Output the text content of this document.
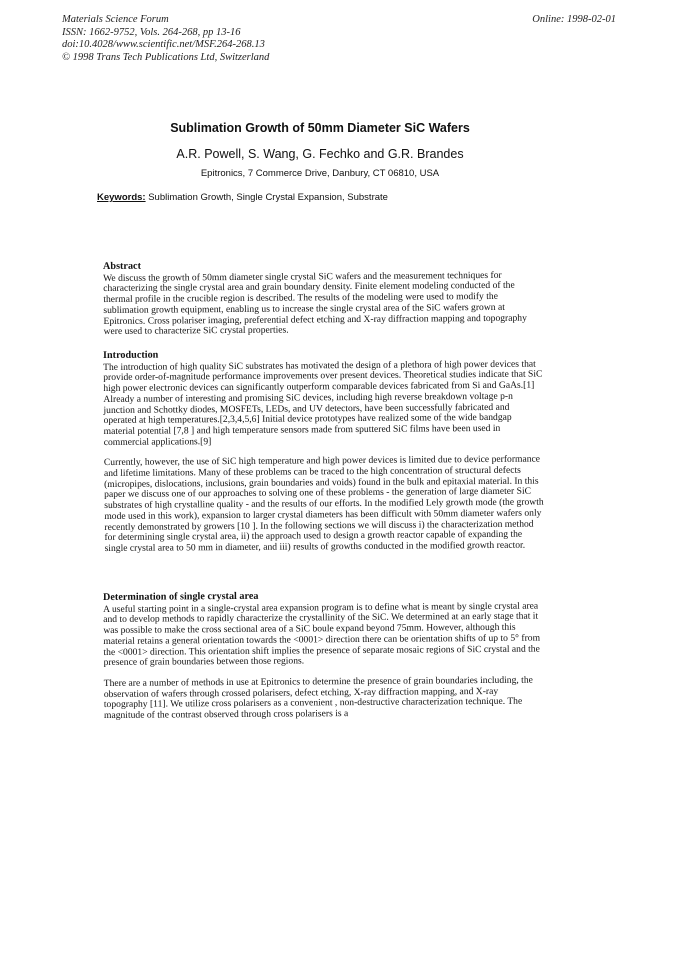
Materials Science Forum
ISSN: 1662-9752, Vols. 264-268, pp 13-16
doi:10.4028/www.scientific.net/MSF.264-268.13
© 1998 Trans Tech Publications Ltd, Switzerland
Online: 1998-02-01
Sublimation Growth of 50mm Diameter SiC Wafers
A.R. Powell, S. Wang, G. Fechko and G.R. Brandes
Epitronics, 7 Commerce Drive, Danbury, CT 06810, USA
Keywords: Sublimation Growth, Single Crystal Expansion, Substrate
Abstract

We discuss the growth of 50mm diameter single crystal SiC wafers and the measurement techniques for characterizing the single crystal area and grain boundary density. Finite element modeling conducted of the thermal profile in the crucible region is described. The results of the modeling were used to modify the sublimation growth equipment, enabling us to increase the single crystal area of the SiC wafers grown at Epitronics. Cross polariser imaging, preferential defect etching and X-ray diffraction mapping and topography were used to characterize SiC crystal properties.

Introduction

The introduction of high quality SiC substrates has motivated the design of a plethora of high power devices that provide order-of-magnitude performance improvements over present devices. Theoretical studies indicate that SiC high power electronic devices can significantly outperform comparable devices fabricated from Si and GaAs.[1] Already a number of interesting and promising SiC devices, including high reverse breakdown voltage p-n junction and Schottky diodes, MOSFETs, LEDs, and UV detectors, have been successfully fabricated and operated at high temperatures.[2,3,4,5,6] Initial device prototypes have realized some of the wide bandgap material potential [7,8 ] and high temperature sensors made from sputtered SiC films have been used in commercial applications.[9]

Currently, however, the use of SiC high temperature and high power devices is limited due to device performance and lifetime limitations. Many of these problems can be traced to the high concentration of structural defects (micropipes, dislocations, inclusions, grain boundaries and voids) found in the bulk and epitaxial material. In this paper we discuss one of our approaches to solving one of these problems - the generation of large diameter SiC substrates of high crystalline quality - and the results of our efforts. In the modified Lely growth mode (the growth mode used in this work), expansion to larger crystal diameters has been difficult with 50mm diameter wafers only recently demonstrated by growers [10 ]. In the following sections we will discuss i) the characterization method for determining single crystal area, ii) the approach used to design a growth reactor capable of expanding the single crystal area to 50 mm in diameter, and iii) results of growths conducted in the modified growth reactor.

Determination of single crystal area

A useful starting point in a single-crystal area expansion program is to define what is meant by single crystal area and to develop methods to rapidly characterize the crystallinity of the SiC. We determined at an early stage that it was possible to make the cross sectional area of a SiC boule expand beyond 75mm. However, although this material retains a general orientation towards the <0001> direction there can be orientation shifts of up to 5° from the <0001> direction. This orientation shift implies the presence of separate mosaic regions of SiC crystal and the presence of grain boundaries between those regions.

There are a number of methods in use at Epitronics to determine the presence of grain boundaries including, the observation of wafers through crossed polarisers, defect etching, X-ray diffraction mapping, and X-ray topography [11]. We utilize cross polarisers as a convenient , non-destructive characterization technique. The magnitude of the contrast observed through cross polarisers is a
